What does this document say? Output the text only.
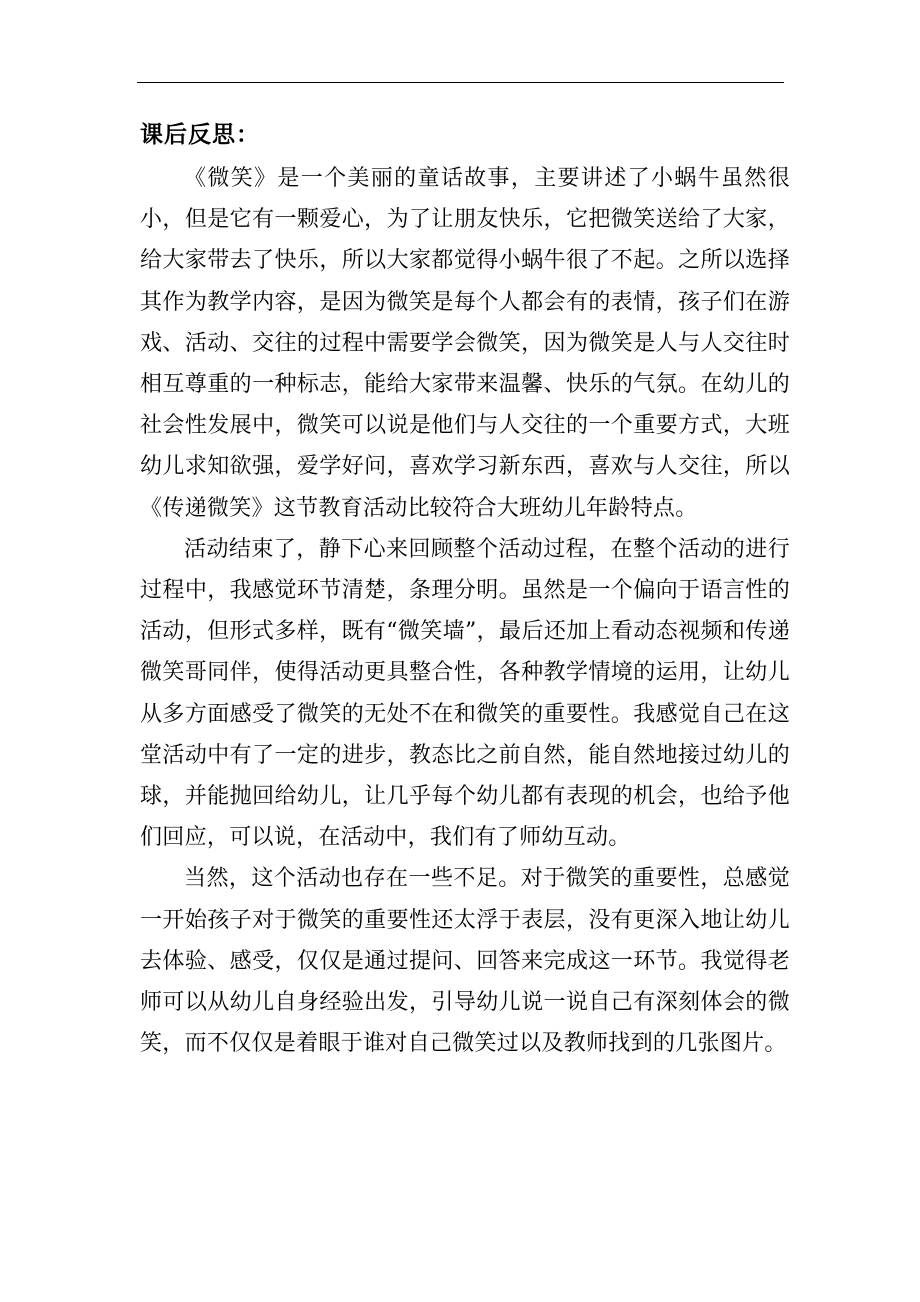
课后反思：

《微笑》是一个美丽的童话故事，主要讲述了小蜗牛虽然很小，但是它有一颗爱心，为了让朋友快乐，它把微笑送给了大家，给大家带去了快乐，所以大家都觉得小蜗牛很了不起。之所以选择其作为教学内容，是因为微笑是每个人都会有的表情，孩子们在游戏、活动、交往的过程中需要学会微笑，因为微笑是人与人交往时相互尊重的一种标志，能给大家带来温馨、快乐的气氛。在幼儿的社会性发展中，微笑可以说是他们与人交往的一个重要方式，大班幼儿求知欲强，爱学好问，喜欢学习新东西，喜欢与人交往，所以《传递微笑》这节教育活动比较符合大班幼儿年龄特点。

活动结束了，静下心来回顾整个活动过程，在整个活动的进行过程中，我感觉环节清楚，条理分明。虽然是一个偏向于语言性的活动，但形式多样，既有“微笑墙”，最后还加上看动态视频和传递微笑哥同伴，使得活动更具整合性，各种教学情境的运用，让幼儿从多方面感受了微笑的无处不在和微笑的重要性。我感觉自己在这堂活动中有了一定的进步，教态比之前自然，能自然地接过幼儿的球，并能抛回给幼儿，让几乎每个幼儿都有表现的机会，也给予他们回应，可以说，在活动中，我们有了师幼互动。

当然，这个活动也存在一些不足。对于微笑的重要性，总感觉一开始孩子对于微笑的重要性还太浮于表层，没有更深入地让幼儿去体验、感受，仅仅是通过提问、回答来完成这一环节。我觉得老师可以从幼儿自身经验出发，引导幼儿说一说自己有深刻体会的微笑，而不仅仅是着眼于谁对自己微笑过以及教师找到的几张图片。
